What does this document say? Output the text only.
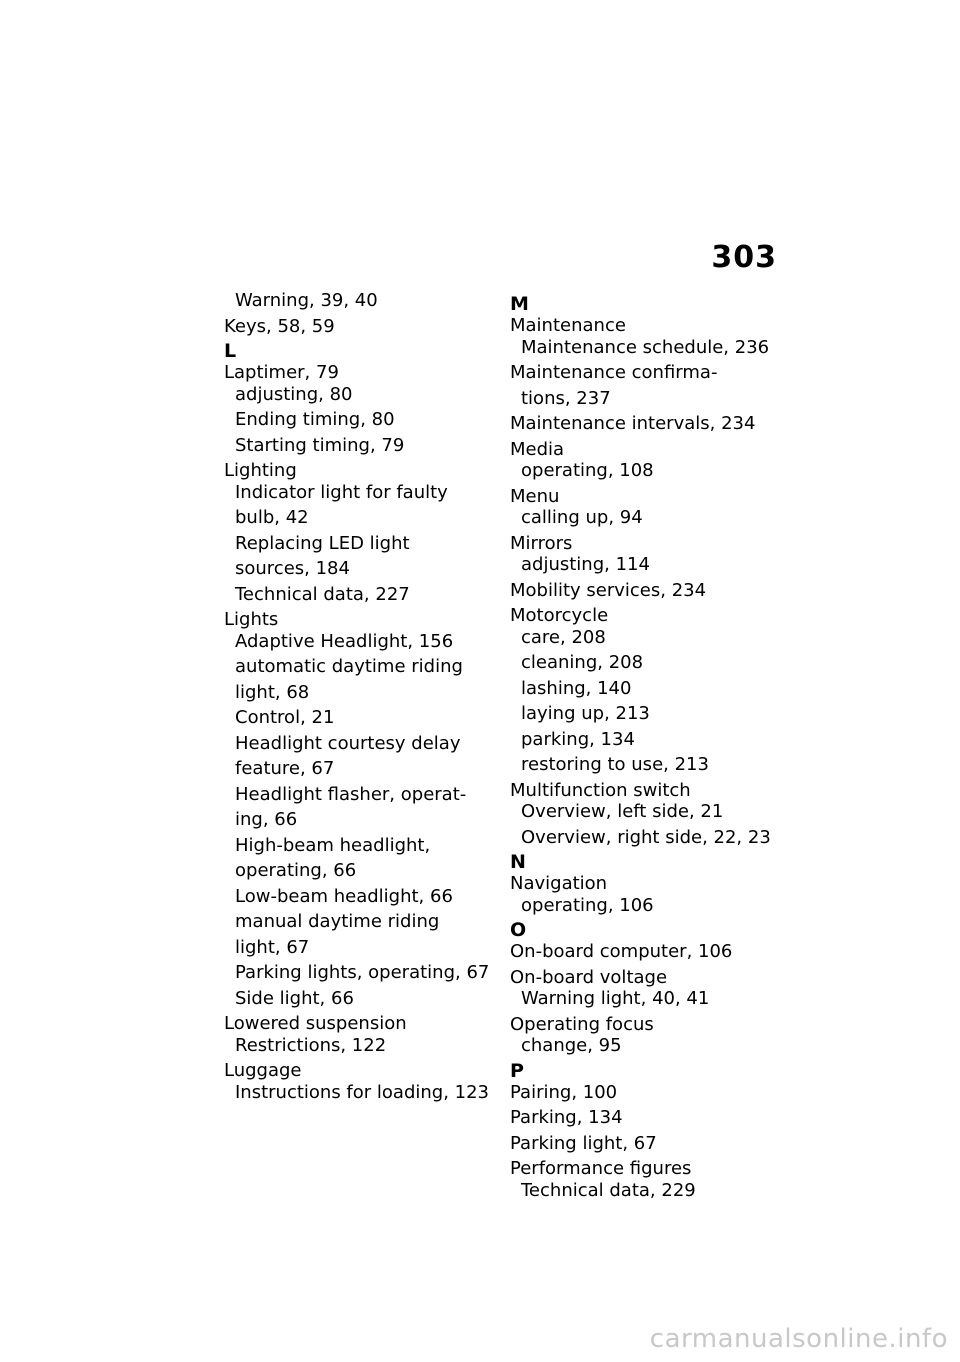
303
Warning, 39, 40
Keys, 58, 59
L
Laptimer, 79
adjusting, 80
Ending timing, 80
Starting timing, 79
Lighting
Indicator light for faulty
bulb, 42
Replacing LED light
sources, 184
Technical data, 227
Lights
Adaptive Headlight, 156
automatic daytime riding
light, 68
Control, 21
Headlight courtesy delay
feature, 67
Headlight flasher, operat-
ing, 66
High-beam headlight,
operating, 66
Low-beam headlight, 66
manual daytime riding
light, 67
Parking lights, operating, 67
Side light, 66
Lowered suspension
Restrictions, 122
Luggage
Instructions for loading, 123
M
Maintenance
Maintenance schedule, 236
Maintenance confirma-
tions, 237
Maintenance intervals, 234
Media
operating, 108
Menu
calling up, 94
Mirrors
adjusting, 114
Mobility services, 234
Motorcycle
care, 208
cleaning, 208
lashing, 140
laying up, 213
parking, 134
restoring to use, 213
Multifunction switch
Overview, left side, 21
Overview, right side, 22, 23
N
Navigation
operating, 106
O
On-board computer, 106
On-board voltage
Warning light, 40, 41
Operating focus
change, 95
P
Pairing, 100
Parking, 134
Parking light, 67
Performance figures
Technical data, 229
carmanualsonline.info
